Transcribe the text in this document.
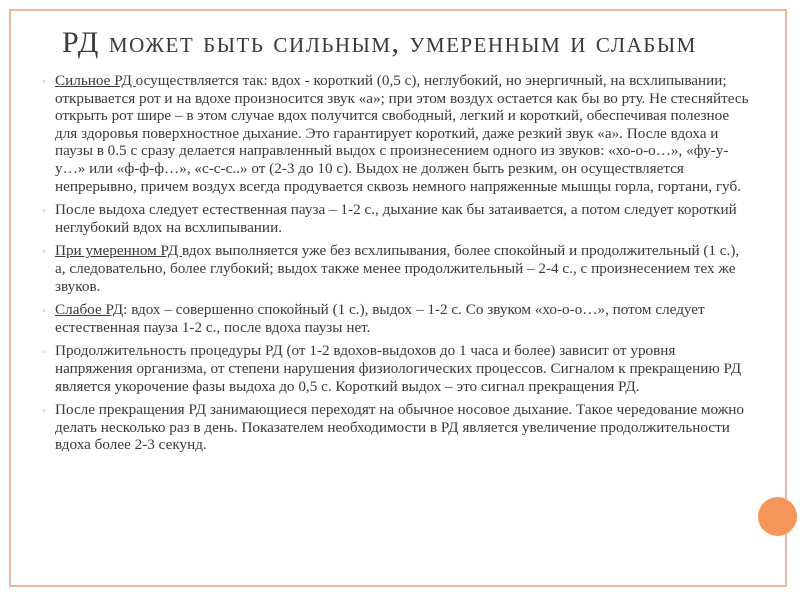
РД может быть сильным, умеренным и слабым
◦ Сильное РД осуществляется так: вдох - короткий (0,5 с), неглубокий, но энергичный, на всхлипывании; открывается рот и на вдохе произносится звук «а»; при этом воздух остается как бы во рту. Не стесняйтесь открыть рот шире – в этом случае вдох получится свободный, легкий и короткий, обеспечивая полезное для здоровья поверхностное дыхание. Это гарантирует короткий, даже резкий звук «а». После вдоха и паузы в 0.5 с сразу делается направленный выдох с произнесением одного из звуков: «хо-о-о…», «фу-у-у…» или «ф-ф-ф…», «с-с-с..» от (2-3 до 10 с). Выдох не должен быть резким, он осуществляется непрерывно, причем воздух всегда продувается сквозь немного напряженные мышцы горла, гортани, губ.
◦ После выдоха следует естественная пауза – 1-2 с., дыхание как бы затаивается, а потом следует короткий неглубокий вдох на всхлипывании.
◦ При умеренном РД вдох выполняется уже без всхлипывания, более спокойный и продолжительный (1 с.), а, следовательно, более глубокий; выдох также менее продолжительный – 2-4 с., с произнесением тех же звуков.
◦ Слабое РД: вдох – совершенно спокойный (1 с.), выдох – 1-2 с. Со звуком «хо-о-о…», потом следует естественная пауза 1-2 с., после вдоха паузы нет.
◦ Продолжительность процедуры РД (от 1-2 вдохов-выдохов до 1 часа и более) зависит от уровня напряжения организма, от степени нарушения физиологических процессов. Сигналом к прекращению РД является укорочение фазы выдоха до 0,5 с. Короткий выдох – это сигнал прекращения РД.
◦ После прекращения РД занимающиеся переходят на обычное носовое дыхание. Такое чередование можно делать несколько раз в день. Показателем необходимости в РД является увеличение продолжительности вдоха более 2-3 секунд.
